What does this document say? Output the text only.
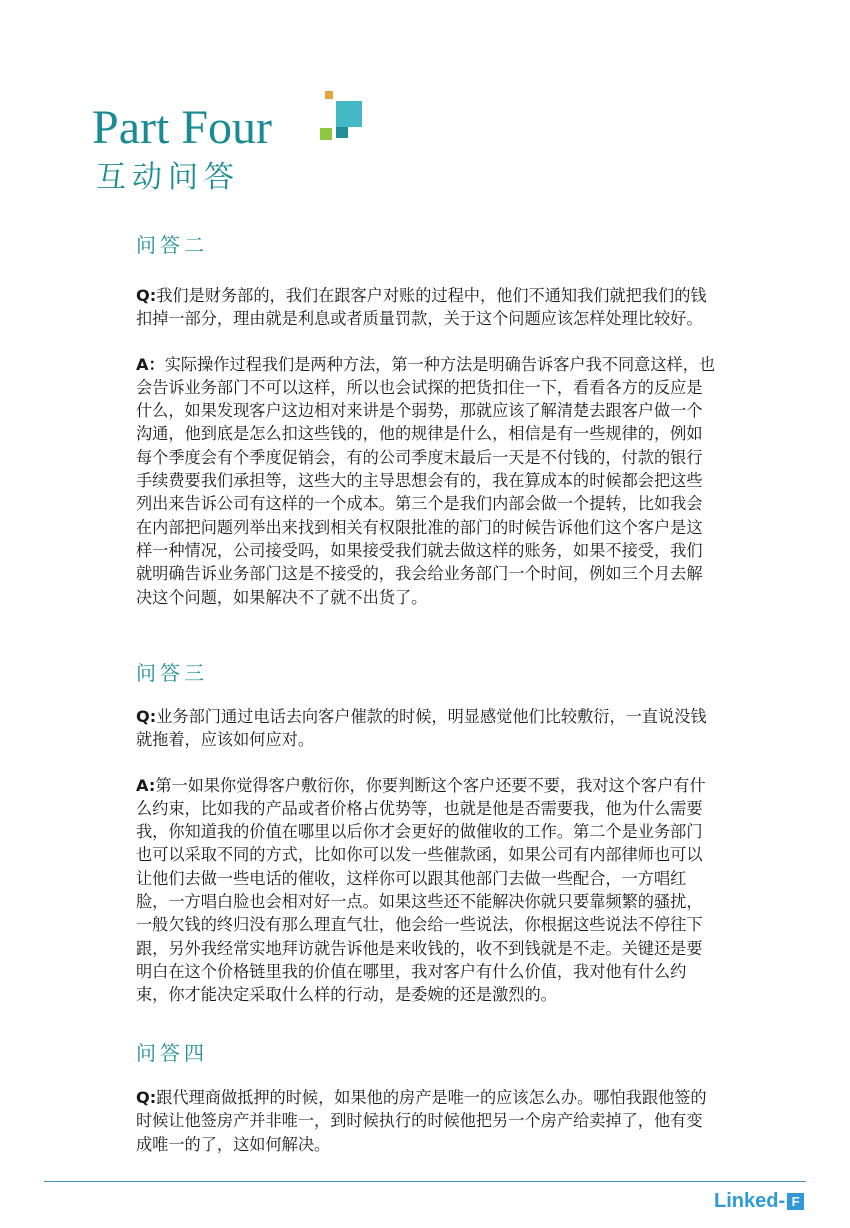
Part Four
互动问答
问答二

Q:我们是财务部的，我们在跟客户对账的过程中，他们不通知我们就把我们的钱扣掉一部分，理由就是利息或者质量罚款，关于这个问题应该怎样处理比较好。

A：实际操作过程我们是两种方法，第一种方法是明确告诉客户我不同意这样，也会告诉业务部门不可以这样，所以也会试探的把货扣住一下，看看各方的反应是什么，如果发现客户这边相对来讲是个弱势，那就应该了解清楚去跟客户做一个沟通，他到底是怎么扣这些钱的，他的规律是什么，相信是有一些规律的，例如每个季度会有个季度促销会，有的公司季度末最后一天是不付钱的，付款的银行手续费要我们承担等，这些大的主导思想会有的，我在算成本的时候都会把这些列出来告诉公司有这样的一个成本。第三个是我们内部会做一个提转，比如我会在内部把问题列举出来找到相关有权限批准的部门的时候告诉他们这个客户是这样一种情况，公司接受吗，如果接受我们就去做这样的账务，如果不接受，我们就明确告诉业务部门这是不接受的，我会给业务部门一个时间，例如三个月去解决这个问题，如果解决不了就不出货了。

问答三

Q:业务部门通过电话去向客户催款的时候，明显感觉他们比较敷衍，一直说没钱就拖着，应该如何应对。

A:第一如果你觉得客户敷衍你，你要判断这个客户还要不要，我对这个客户有什么约束，比如我的产品或者价格占优势等，也就是他是否需要我，他为什么需要我，你知道我的价值在哪里以后你才会更好的做催收的工作。第二个是业务部门也可以采取不同的方式，比如你可以发一些催款函，如果公司有内部律师也可以让他们去做一些电话的催收，这样你可以跟其他部门去做一些配合，一方唱红脸，一方唱白脸也会相对好一点。如果这些还不能解决你就只要靠频繁的骚扰，一般欠钱的终归没有那么理直气壮，他会给一些说法，你根据这些说法不停往下跟，另外我经常实地拜访就告诉他是来收钱的，收不到钱就是不走。关键还是要明白在这个价格链里我的价值在哪里，我对客户有什么价值，我对他有什么约束，你才能决定采取什么样的行动，是委婉的还是激烈的。

问答四

Q:跟代理商做抵押的时候，如果他的房产是唯一的应该怎么办。哪怕我跟他签的时候让他签房产并非唯一，到时候执行的时候他把另一个房产给卖掉了，他有变成唯一的了，这如何解决。

Linked- F
